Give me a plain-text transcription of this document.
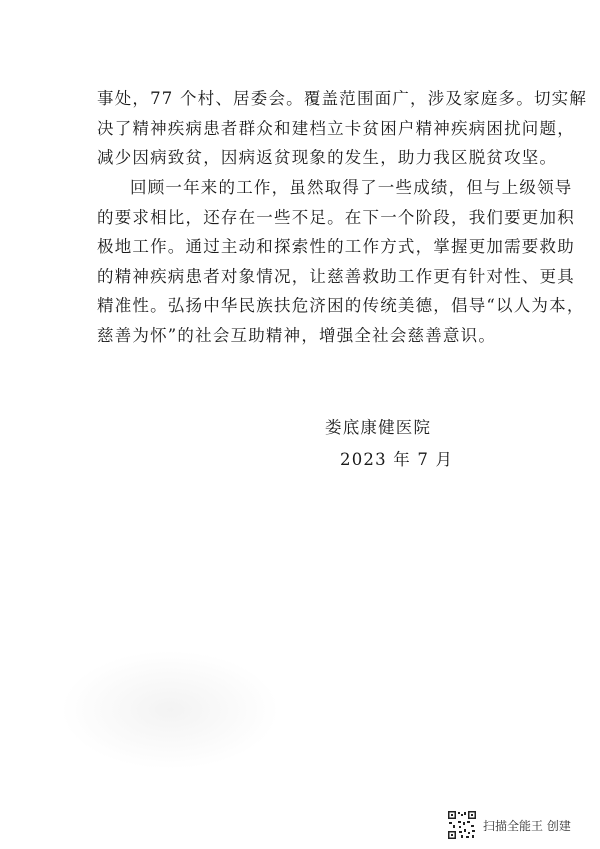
事处，77 个村、居委会。覆盖范围面广，涉及家庭多。切实解
决了精神疾病患者群众和建档立卡贫困户精神疾病困扰问题，
减少因病致贫，因病返贫现象的发生，助力我区脱贫攻坚。
回顾一年来的工作，虽然取得了一些成绩，但与上级领导
的要求相比，还存在一些不足。在下一个阶段，我们要更加积
极地工作。通过主动和探索性的工作方式，掌握更加需要救助
的精神疾病患者对象情况，让慈善救助工作更有针对性、更具
精准性。弘扬中华民族扶危济困的传统美德，倡导“以人为本，
慈善为怀”的社会互助精神，增强全社会慈善意识。
娄底康健医院
2023 年 7 月
扫描全能王 创建
